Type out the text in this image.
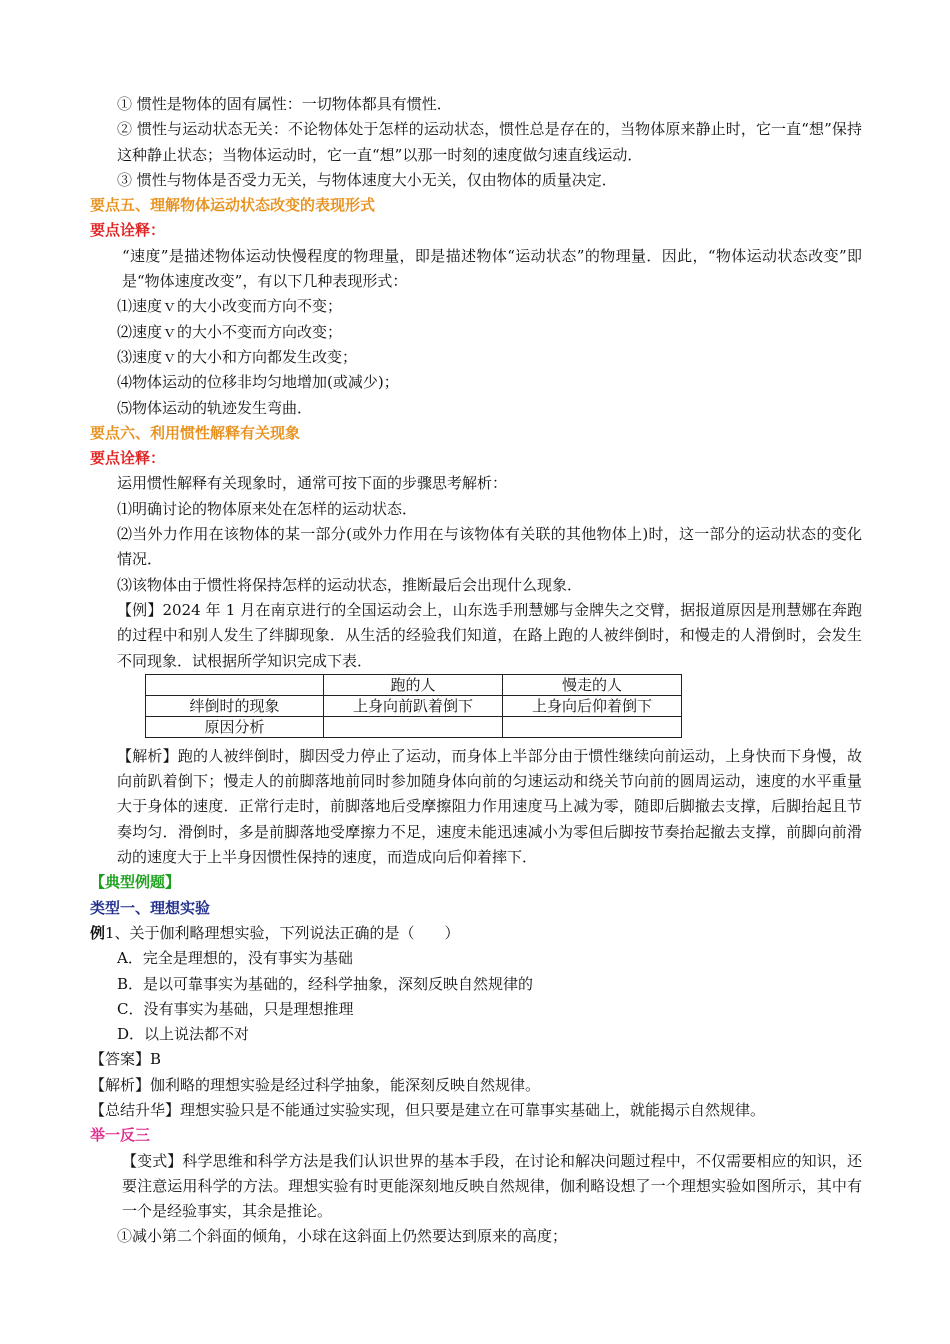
① 惯性是物体的固有属性：一切物体都具有惯性．
② 惯性与运动状态无关：不论物体处于怎样的运动状态，惯性总是存在的，当物体原来静止时，它一直“想”保持这种静止状态；当物体运动时，它一直“想”以那一时刻的速度做匀速直线运动．
③ 惯性与物体是否受力无关，与物体速度大小无关，仅由物体的质量决定．
要点五、理解物体运动状态改变的表现形式
要点诠释：
“速度”是描述物体运动快慢程度的物理量，即是描述物体“运动状态”的物理量．因此，“物体运动状态改变”即是“物体速度改变”，有以下几种表现形式：
⑴速度ｖ的大小改变而方向不变；
⑵速度ｖ的大小不变而方向改变；
⑶速度ｖ的大小和方向都发生改变；
⑷物体运动的位移非均匀地增加(或减少)；
⑸物体运动的轨迹发生弯曲．
要点六、利用惯性解释有关现象
要点诠释：
运用惯性解释有关现象时，通常可按下面的步骤思考解析：
⑴明确讨论的物体原来处在怎样的运动状态．
⑵当外力作用在该物体的某一部分(或外力作用在与该物体有关联的其他物体上)时，这一部分的运动状态的变化情况．
⑶该物体由于惯性将保持怎样的运动状态，推断最后会出现什么现象．
【例】2024 年 1 月在南京进行的全国运动会上，山东选手刑慧娜与金牌失之交臂，据报道原因是刑慧娜在奔跑的过程中和别人发生了绊脚现象．从生活的经验我们知道，在路上跑的人被绊倒时，和慢走的人滑倒时，会发生不同现象．试根据所学知识完成下表．
	跑的人	慢走的人
绊倒时的现象	上身向前趴着倒下	上身向后仰着倒下
原因分析		
【解析】跑的人被绊倒时，脚因受力停止了运动，而身体上半部分由于惯性继续向前运动，上身快而下身慢，故向前趴着倒下；慢走人的前脚落地前同时参加随身体向前的匀速运动和绕关节向前的圆周运动，速度的水平重量大于身体的速度．正常行走时，前脚落地后受摩擦阻力作用速度马上减为零，随即后脚撤去支撑，后脚抬起且节奏均匀．滑倒时，多是前脚落地受摩擦力不足，速度未能迅速减小为零但后脚按节奏抬起撤去支撑，前脚向前滑动的速度大于上半身因惯性保持的速度，而造成向后仰着摔下．
【典型例题】
类型一、理想实验
例1、关于伽利略理想实验，下列说法正确的是（　　）
A．完全是理想的，没有事实为基础
B．是以可靠事实为基础的，经科学抽象，深刻反映自然规律的
C．没有事实为基础，只是理想推理
D．以上说法都不对
【答案】B
【解析】伽利略的理想实验是经过科学抽象，能深刻反映自然规律。
【总结升华】理想实验只是不能通过实验实现，但只要是建立在可靠事实基础上，就能揭示自然规律。
举一反三
【变式】科学思维和科学方法是我们认识世界的基本手段，在讨论和解决问题过程中，不仅需要相应的知识，还要注意运用科学的方法。理想实验有时更能深刻地反映自然规律，伽利略设想了一个理想实验如图所示，其中有一个是经验事实，其余是推论。
①减小第二个斜面的倾角，小球在这斜面上仍然要达到原来的高度；
